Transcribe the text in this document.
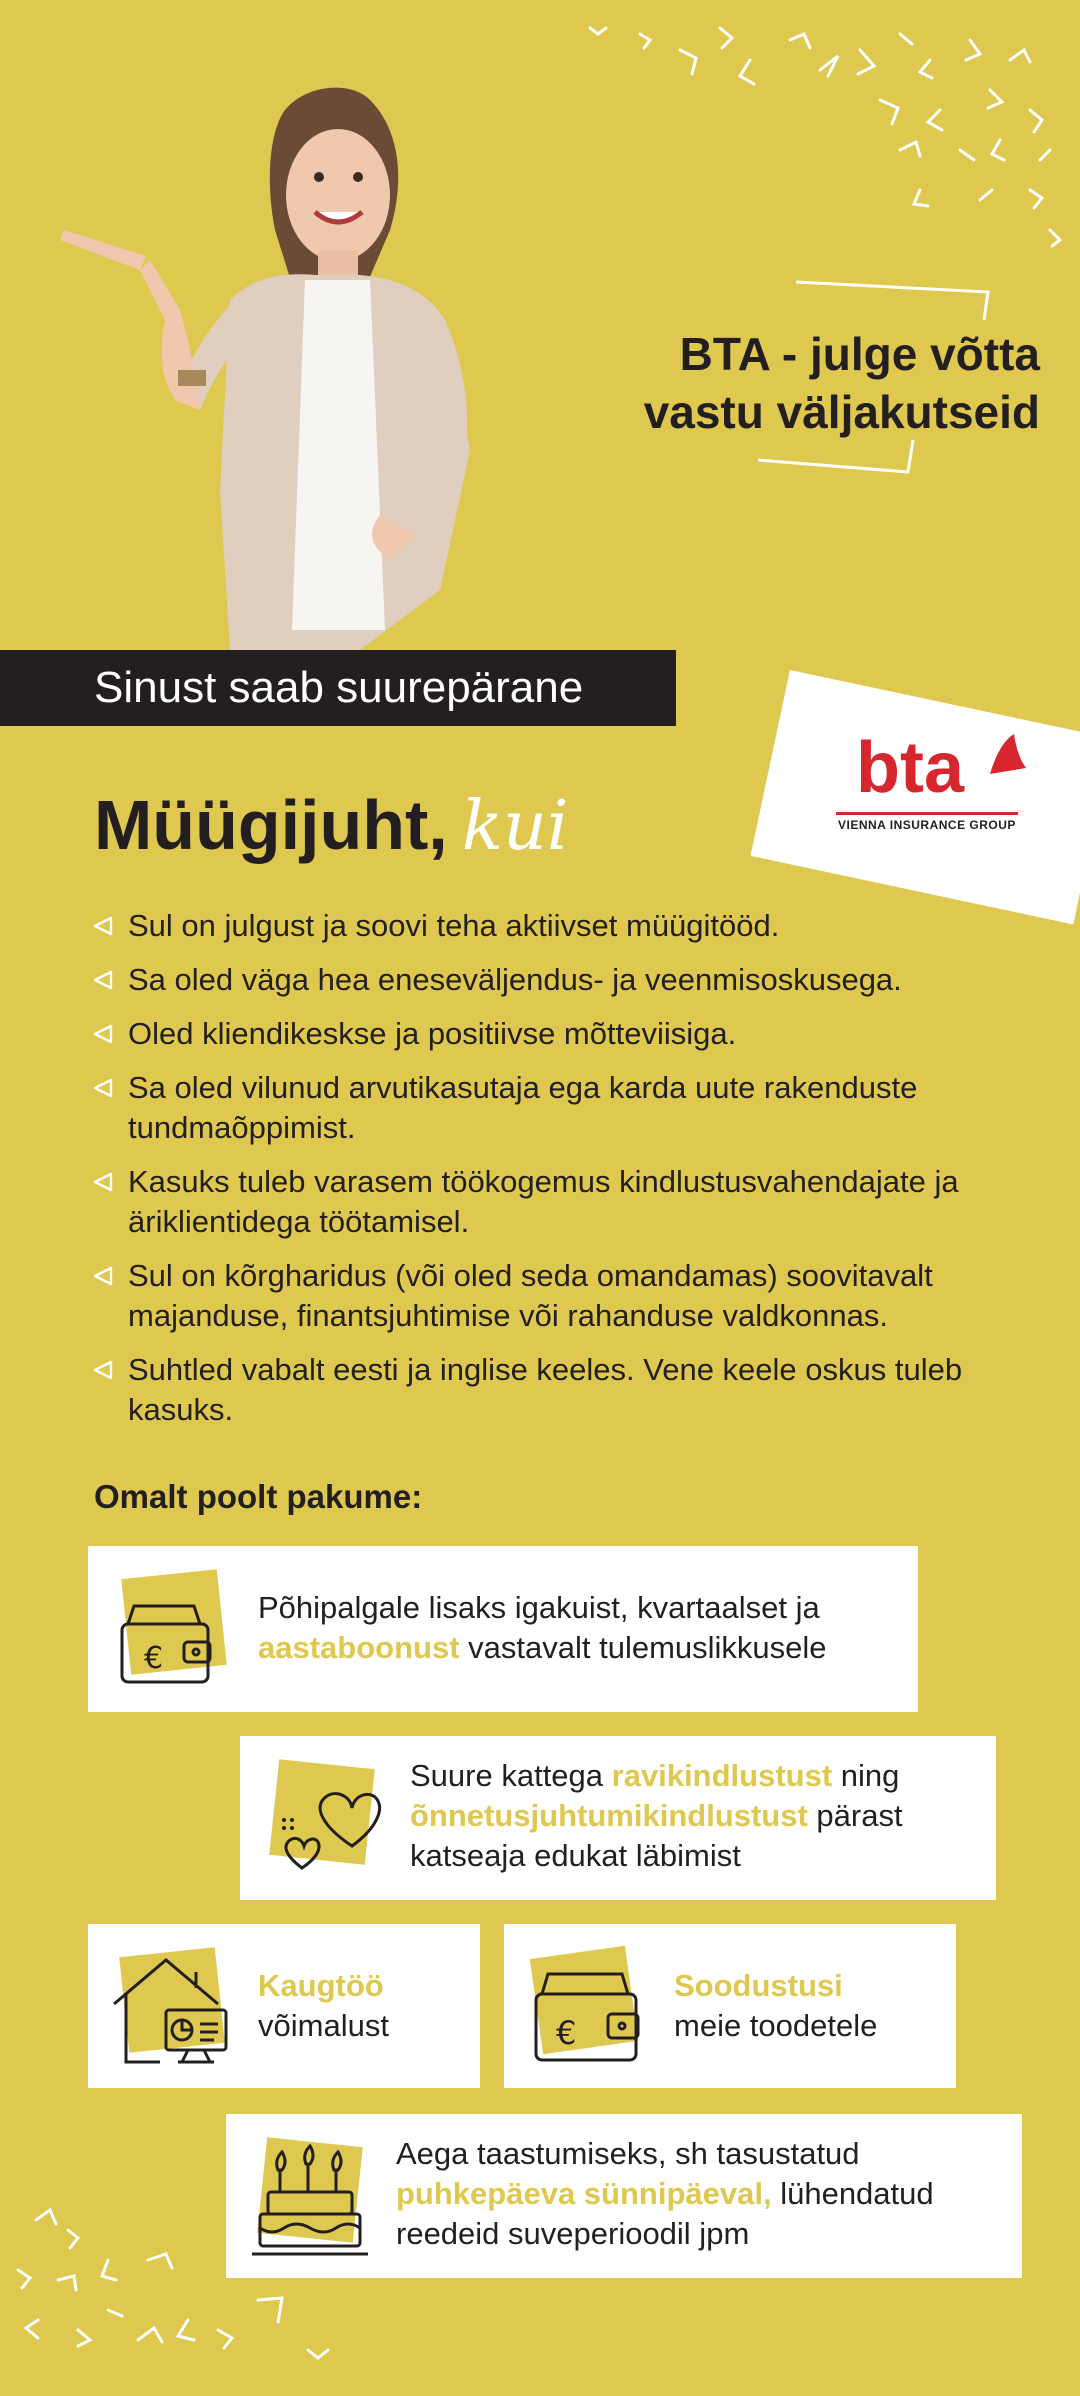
BTA - julge võtta
vastu väljakutseid
Sinust saab suurepärane
bta
VIENNA INSURANCE GROUP
Müügijuht, kui
Sul on julgust ja soovi teha aktiivset müügitööd.
Sa oled väga hea eneseväljendus- ja veenmisoskusega.
Oled kliendikeskse ja positiivse mõtteviisiga.
Sa oled vilunud arvutikasutaja ega karda uute rakenduste tundmaõppimist.
Kasuks tuleb varasem töökogemus kindlustusvahendajate ja äriklientidega töötamisel.
Sul on kõrgharidus (või oled seda omandamas) soovitavalt majanduse, finantsjuhtimise või rahanduse valdkonnas.
Suhtled vabalt eesti ja inglise keeles. Vene keele oskus tuleb kasuks.
Omalt poolt pakume:
€
Põhipalgale lisaks igakuist, kvartaalset ja
aastaboonust vastavalt tulemuslikkusele
Suure kattega ravikindlustust ning
õnnetusjuhtumikindlustust pärast
katseaja edukat läbimist
Kaugtöö
võimalust	€
Soodustusi
meie toodetele
Aega taastumiseks, sh tasustatud
puhkepäeva sünnipäeval, lühendatud
reedeid suveperioodil jpm
